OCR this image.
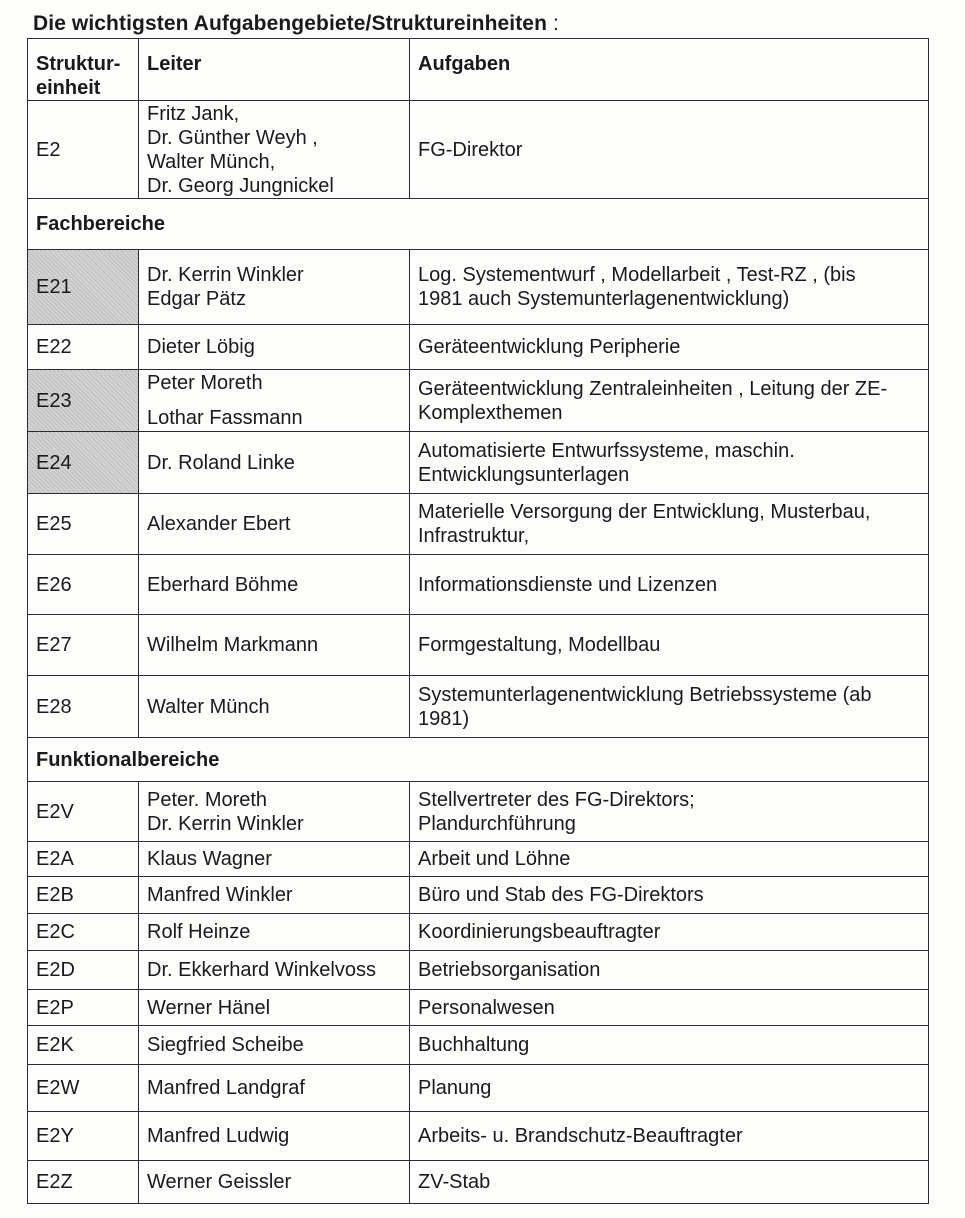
Die wichtigsten Aufgabengebiete/Struktureinheiten :
Struktur-
einheit	Leiter	Aufgaben
E2	Fritz Jank,
Dr. Günther Weyh ,
Walter Münch,
Dr. Georg Jungnickel	FG-Direktor

Fachbereiche		
E21	Dr. Kerrin Winkler
Edgar Pätz	Log. Systementwurf , Modellarbeit , Test-RZ , (bis
1981 auch Systemunterlagenentwicklung)

E22	Dieter Löbig	Geräteentwicklung Peripherie

E23	Peter Moreth
Lothar Fassmann	Geräteentwicklung Zentraleinheiten , Leitung der ZE-
Komplexthemen

E24	Dr. Roland Linke	Automatisierte Entwurfssysteme, maschin.
Entwicklungsunterlagen

E25	Alexander Ebert	Materielle Versorgung der Entwicklung, Musterbau,
Infrastruktur,

E26	Eberhard Böhme	Informationsdienste und Lizenzen

E27	Wilhelm Markmann	Formgestaltung, Modellbau

E28	Walter Münch	Systemunterlagenentwicklung Betriebssysteme (ab
1981)

Funktionalbereiche		
E2V	Peter. Moreth
Dr. Kerrin Winkler	Stellvertreter des FG-Direktors;
Plandurchführung

E2A	Klaus Wagner	Arbeit und Löhne

E2B	Manfred Winkler	Büro und Stab des FG-Direktors

E2C	Rolf Heinze	Koordinierungsbeauftragter

E2D	Dr. Ekkerhard Winkelvoss	Betriebsorganisation

E2P	Werner Hänel	Personalwesen

E2K	Siegfried Scheibe	Buchhaltung

E2W	Manfred Landgraf	Planung

E2Y	Manfred Ludwig	Arbeits- u. Brandschutz-Beauftragter

E2Z	Werner Geissler	ZV-Stab
